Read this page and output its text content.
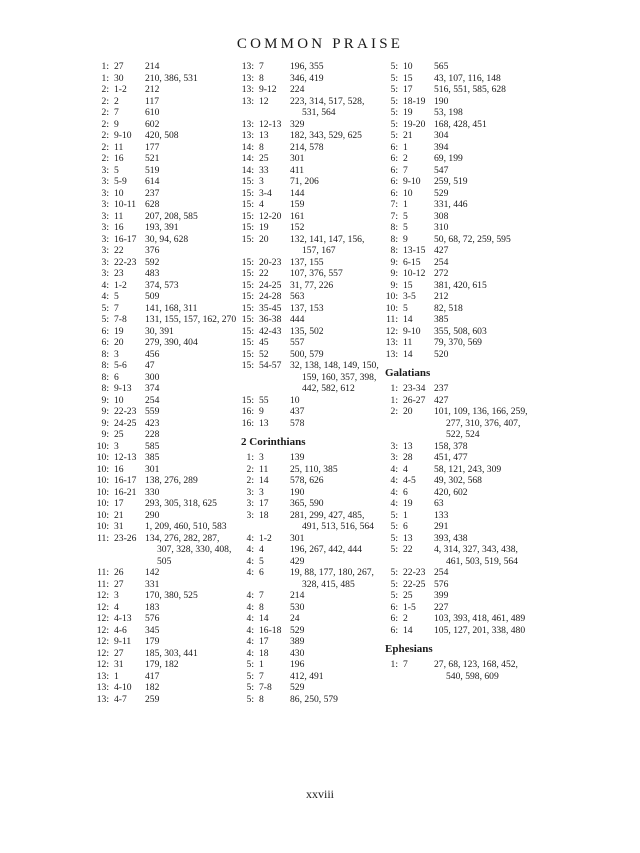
COMMON PRAISE
1: 27 214
1: 30 210, 386, 531
2: 1-2 212
2: 2	117
2: 7	610
2: 9	602
2: 9-10 420, 508
2: 11 177
2: 16 521
3: 5	519
3: 5-9 614
3: 10 237
3: 10-11 628
3: 11 207, 208, 585
3: 16 193, 391
3: 16-17 30, 94, 628
3: 22 376
3: 22-23 592
3: 23 483
4: 1-2 374, 573
4: 5	509
5: 7	141, 168, 311
5: 7-8 131, 155, 157, 162, 270
6: 19 30, 391
6: 20 279, 390, 404
8: 3	456
8: 5-6 47
8: 6	300
8: 9-13 374
9: 10 254
9: 22-23 559
9: 24-25 423
9: 25 228
10: 3	585
10: 12-13 385
10: 16 301
10: 16-17 138, 276, 289
10: 16-21 330
10: 17 293, 305, 318, 625
10: 21 290
10: 31 1, 209, 460, 510, 583
11: 23-26 134, 276, 282, 287, 307, 328, 330, 408, 505
11: 26 142
11: 27 331
12: 3	170, 380, 525
12: 4	183
12: 4-13 576
12: 4-6 345
12: 9-11 179
12: 27 185, 303, 441
12: 31 179, 182
13: 1	417
13: 4-10 182
13: 4-7 259
13: 7	196, 355
13: 8	346, 419
13: 9-12 224
13: 12 223, 314, 517, 528, 531, 564
13: 12-13 329
13: 13 182, 343, 529, 625
14: 8	214, 578
14: 25 301
14: 33 411
15: 3	71, 206
15: 3-4 144
15: 4	159
15: 12-20 161
15: 19 152
15: 20 132, 141, 147, 156, 157, 167
15: 20-23 137, 155
15: 22 107, 376, 557
15: 24-25 31, 77, 226
15: 24-28 563
15: 35-45 137, 153
15: 36-38 444
15: 42-43 135, 502
15: 45 557
15: 52 500, 579
15: 54-57 32, 138, 148, 149, 150, 159, 160, 357, 398, 442, 582, 612
15: 55 10
16: 9	437
16: 13 578
2 Corinthians
1: 3	139
2: 11 25, 110, 385
2: 14 578, 626
3: 3	190
3: 17 365, 590
3: 18 281, 299, 427, 485, 491, 513, 516, 564
4: 1-2 301
4: 4	196, 267, 442, 444
4: 5	429
4: 6	19, 88, 177, 180, 267, 328, 415, 485
4: 7	214
4: 8	530
4: 14 24
4: 16-18 529
4: 17 389
4: 18 430
5: 1	196
5: 7	412, 491
5: 7-8 529
5: 8	86, 250, 579
5: 10 565
5: 15 43, 107, 116, 148
5: 17 516, 551, 585, 628
5: 18-19 190
5: 19 53, 198
5: 19-20 168, 428, 451
5: 21 304
6: 1	394
6: 2	69, 199
6: 7	547
6: 9-10 259, 519
6: 10 529
7: 1	331, 446
7: 5	308
8: 5	310
8: 9	50, 68, 72, 259, 595
8: 13-15 427
9: 6-15 254
9: 10-12 272
9: 15 381, 420, 615
10: 3-5 212
10: 5	82, 518
11: 14 385
12: 9-10 355, 508, 603
13: 11 79, 370, 569
13: 14 520
Galatians
1: 23-34 237
1: 26-27 427
2: 20 101, 109, 136, 166, 259, 277, 310, 376, 407, 522, 524
3: 13 158, 378
3: 28 451, 477
4: 4	58, 121, 243, 309
4: 4-5 49, 302, 568
4: 6	420, 602
4: 19 63
5: 1	133
5: 6	291
5: 13 393, 438
5: 22 4, 314, 327, 343, 438, 461, 503, 519, 564
5: 22-23 254
5: 22-25 576
5: 25 399
6: 1-5 227
6: 2	103, 393, 418, 461, 489
6: 14 105, 127, 201, 338, 480
Ephesians
1: 7	27, 68, 123, 168, 452, 540, 598, 609
xxviii
